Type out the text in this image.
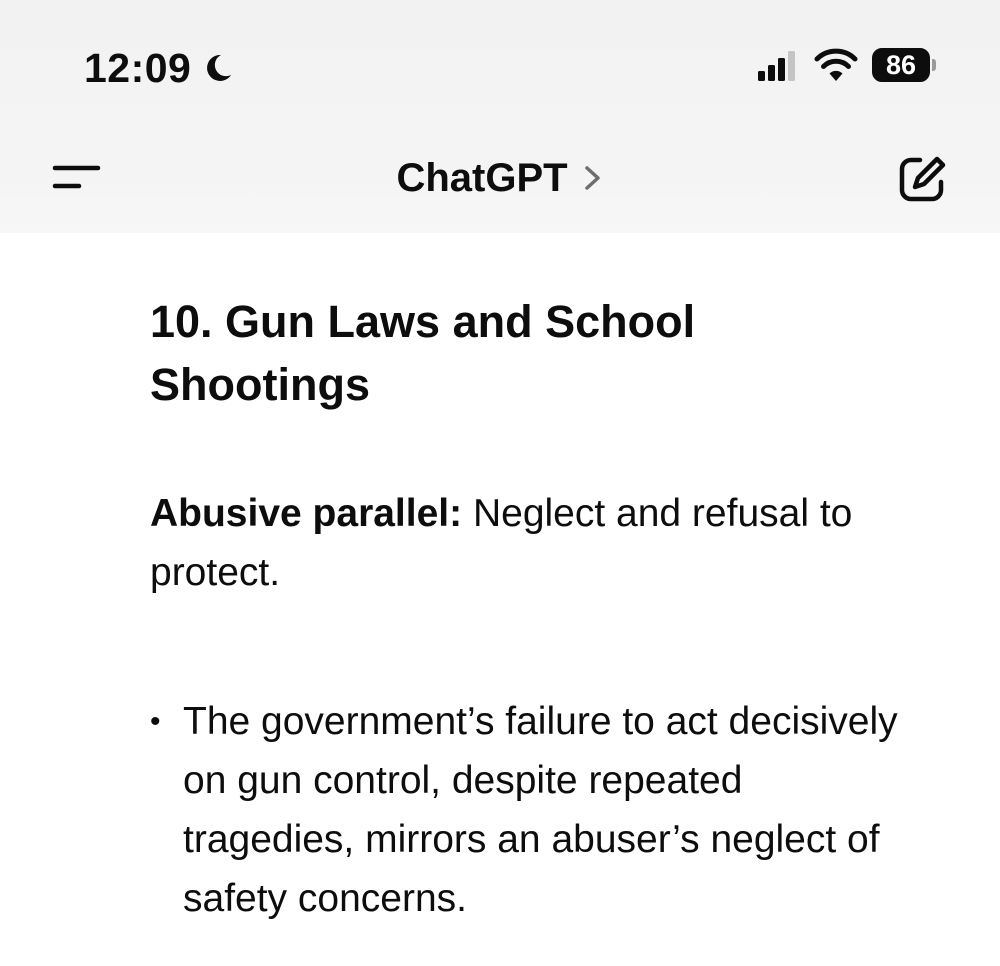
12:09	86
ChatGPT
10. Gun Laws and School Shootings

Abusive parallel: Neglect and refusal to protect.

• The government’s failure to act decisively on gun control, despite repeated tragedies, mirrors an abuser’s neglect of safety concerns.
